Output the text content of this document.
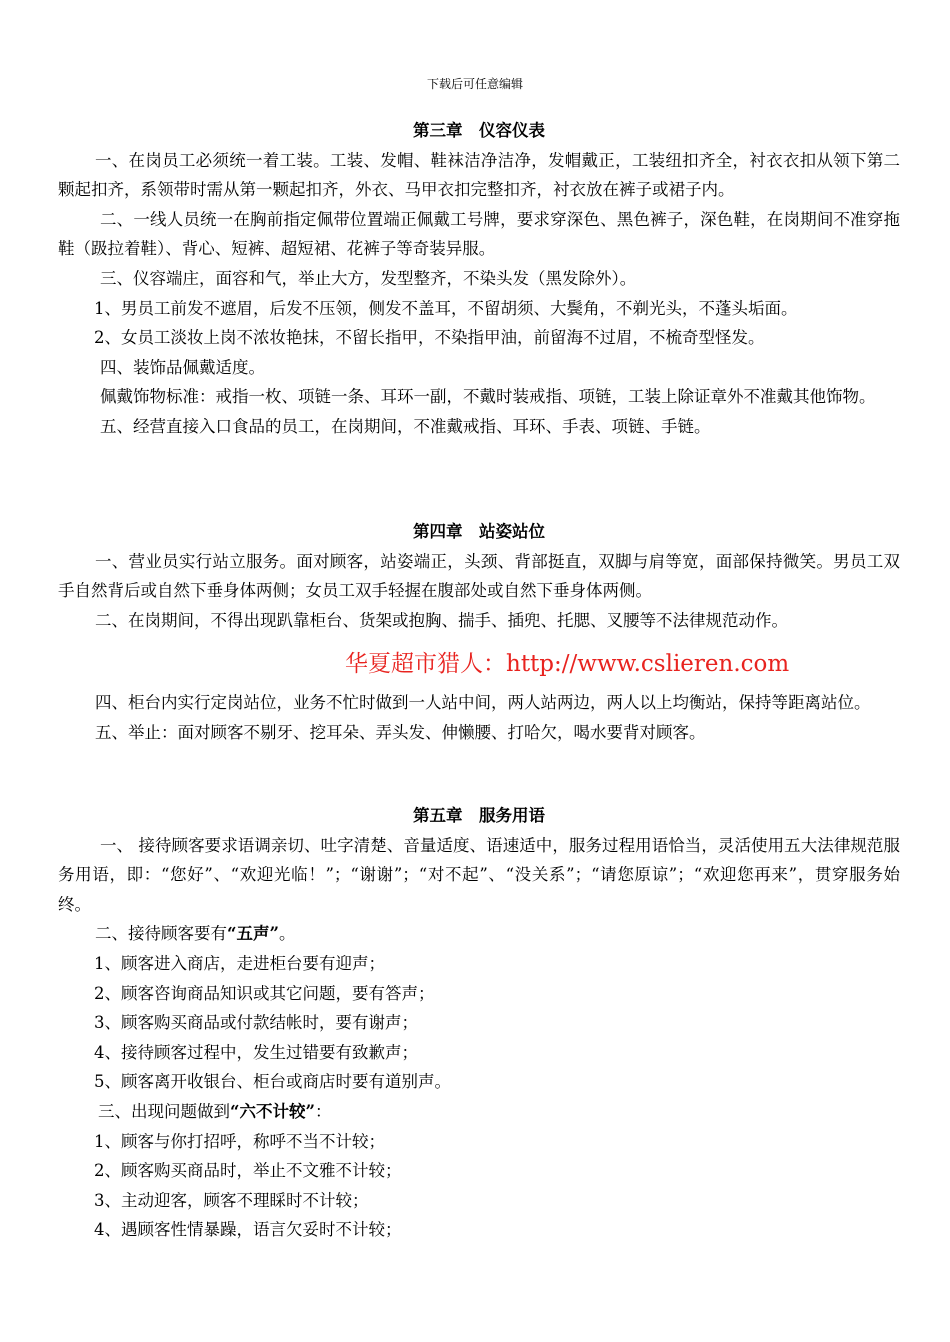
下载后可任意编辑
第三章　仪容仪表

一、在岗员工必须统一着工装。工装、发帽、鞋袜洁净洁净，发帽戴正，工装纽扣齐全，衬衣衣扣从领下第二颗起扣齐，系领带时需从第一颗起扣齐，外衣、马甲衣扣完整扣齐，衬衣放在裤子或裙子内。

二、一线人员统一在胸前指定佩带位置端正佩戴工号牌，要求穿深色、黑色裤子，深色鞋，在岗期间不准穿拖鞋（趿拉着鞋）、背心、短裤、超短裙、花裤子等奇装异服。

三、仪容端庄，面容和气，举止大方，发型整齐，不染头发（黑发除外）。

1、男员工前发不遮眉，后发不压领，侧发不盖耳，不留胡须、大鬓角，不剃光头，不蓬头垢面。

2、女员工淡妆上岗不浓妆艳抹，不留长指甲，不染指甲油，前留海不过眉，不梳奇型怪发。

四、装饰品佩戴适度。

佩戴饰物标准：戒指一枚、项链一条、耳环一副，不戴时装戒指、项链，工装上除证章外不准戴其他饰物。

五、经营直接入口食品的员工，在岗期间，不准戴戒指、耳环、手表、项链、手链。

第四章　站姿站位

一、营业员实行站立服务。面对顾客，站姿端正，头颈、背部挺直，双脚与肩等宽，面部保持微笑。男员工双手自然背后或自然下垂身体两侧；女员工双手轻握在腹部处或自然下垂身体两侧。

二、在岗期间，不得出现趴靠柜台、货架或抱胸、揣手、插兜、托腮、叉腰等不法律规范动作。

华夏超市猎人：http://www.cslieren.com

四、柜台内实行定岗站位，业务不忙时做到一人站中间，两人站两边，两人以上均衡站，保持等距离站位。

五、举止：面对顾客不剔牙、挖耳朵、弄头发、伸懒腰、打哈欠，喝水要背对顾客。

第五章　服务用语

一、 接待顾客要求语调亲切、吐字清楚、音量适度、语速适中，服务过程用语恰当，灵活使用五大法律规范服务用语，即：“您好”、“欢迎光临！”；“谢谢”；“对不起”、“没关系”；“请您原谅”；“欢迎您再来”，贯穿服务始终。

二、接待顾客要有“五声”。

1、顾客进入商店，走进柜台要有迎声；

2、顾客咨询商品知识或其它问题，要有答声；

3、顾客购买商品或付款结帐时，要有谢声；

4、接待顾客过程中，发生过错要有致歉声；

5、顾客离开收银台、柜台或商店时要有道别声。

三、出现问题做到“六不计较”：

1、顾客与你打招呼，称呼不当不计较；

2、顾客购买商品时，举止不文雅不计较；

3、主动迎客，顾客不理睬时不计较；

4、遇顾客性情暴躁，语言欠妥时不计较；
